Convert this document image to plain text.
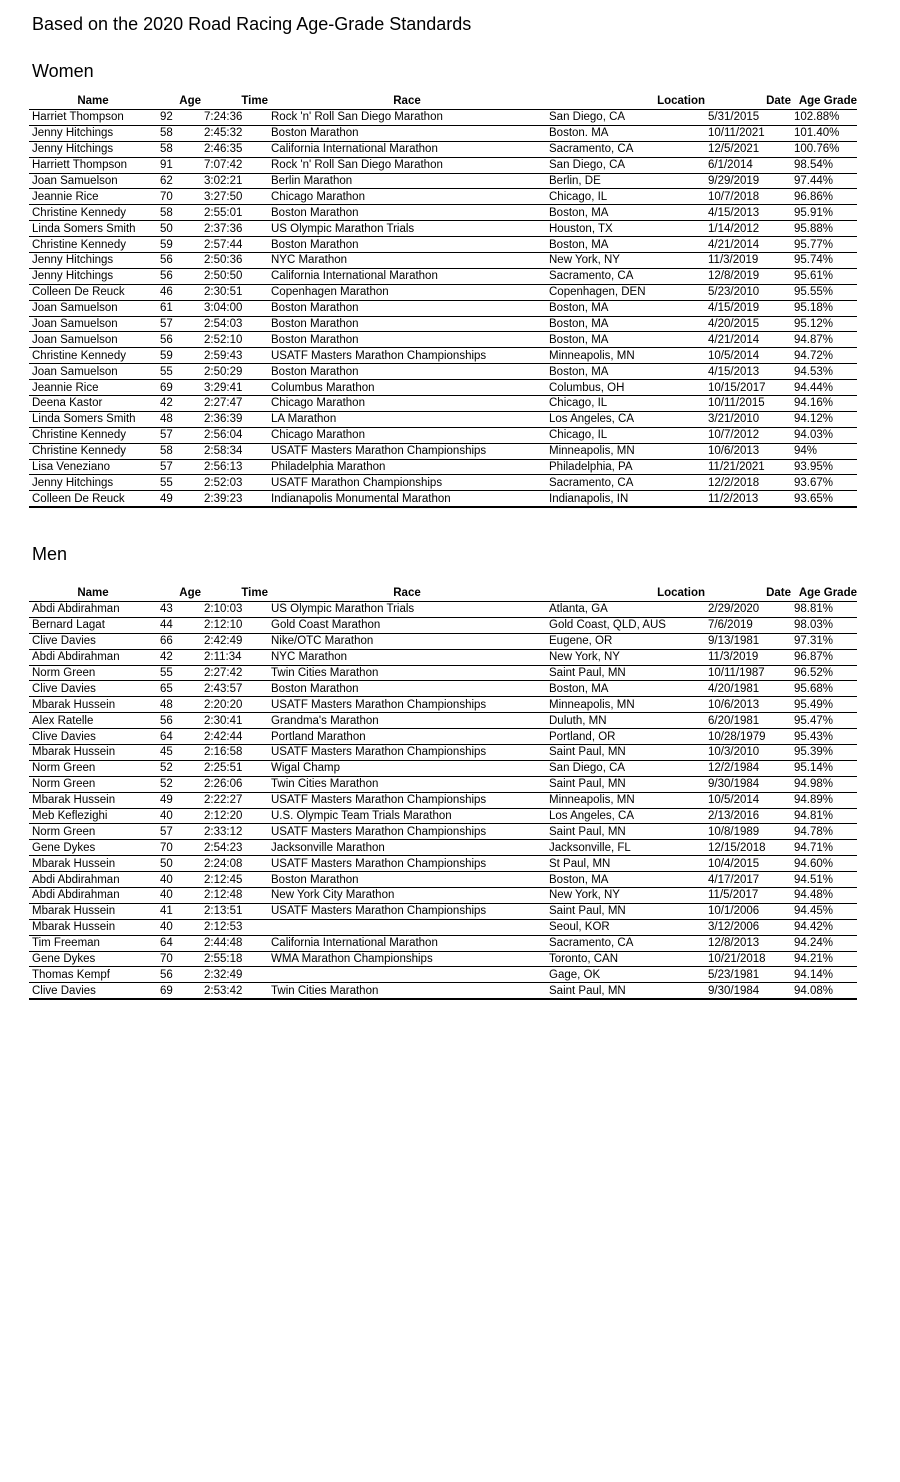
Based on the 2020 Road Racing Age-Grade Standards
Women
Name	Age	Time	Race	Location	Date	Age Grade
Harriet Thompson	92	7:24:36	Rock 'n' Roll San Diego Marathon	San Diego, CA	5/31/2015	102.88%
Jenny Hitchings	58	2:45:32	Boston Marathon	Boston. MA	10/11/2021	101.40%
Jenny Hitchings	58	2:46:35	California International Marathon	Sacramento, CA	12/5/2021	100.76%
Harriett Thompson	91	7:07:42	Rock 'n' Roll San Diego Marathon	San Diego, CA	6/1/2014	98.54%
Joan Samuelson	62	3:02:21	Berlin Marathon	Berlin, DE	9/29/2019	97.44%
Jeannie Rice	70	3:27:50	Chicago Marathon	Chicago, IL	10/7/2018	96.86%
Christine Kennedy	58	2:55:01	Boston Marathon	Boston, MA	4/15/2013	95.91%
Linda Somers Smith	50	2:37:36	US Olympic Marathon Trials	Houston, TX	1/14/2012	95.88%
Christine Kennedy	59	2:57:44	Boston Marathon	Boston, MA	4/21/2014	95.77%
Jenny Hitchings	56	2:50:36	NYC Marathon	New York, NY	11/3/2019	95.74%
Jenny Hitchings	56	2:50:50	California International Marathon	Sacramento, CA	12/8/2019	95.61%
Colleen De Reuck	46	2:30:51	Copenhagen Marathon	Copenhagen, DEN	5/23/2010	95.55%
Joan Samuelson	61	3:04:00	Boston Marathon	Boston, MA	4/15/2019	95.18%
Joan Samuelson	57	2:54:03	Boston Marathon	Boston, MA	4/20/2015	95.12%
Joan Samuelson	56	2:52:10	Boston Marathon	Boston, MA	4/21/2014	94.87%
Christine Kennedy	59	2:59:43	USATF Masters Marathon Championships	Minneapolis, MN	10/5/2014	94.72%
Joan Samuelson	55	2:50:29	Boston Marathon	Boston, MA	4/15/2013	94.53%
Jeannie Rice	69	3:29:41	Columbus Marathon	Columbus, OH	10/15/2017	94.44%
Deena Kastor	42	2:27:47	Chicago Marathon	Chicago, IL	10/11/2015	94.16%
Linda Somers Smith	48	2:36:39	LA Marathon	Los Angeles, CA	3/21/2010	94.12%
Christine Kennedy	57	2:56:04	Chicago Marathon	Chicago, IL	10/7/2012	94.03%
Christine Kennedy	58	2:58:34	USATF Masters Marathon Championships	Minneapolis, MN	10/6/2013	94%
Lisa Veneziano	57	2:56:13	Philadelphia Marathon	Philadelphia, PA	11/21/2021	93.95%
Jenny Hitchings	55	2:52:03	USATF Marathon Championships	Sacramento, CA	12/2/2018	93.67%
Colleen De Reuck	49	2:39:23	Indianapolis Monumental Marathon	Indianapolis, IN	11/2/2013	93.65%
Men
Name	Age	Time	Race	Location	Date	Age Grade
Abdi Abdirahman	43	2:10:03	US Olympic Marathon Trials	Atlanta, GA	2/29/2020	98.81%
Bernard Lagat	44	2:12:10	Gold Coast Marathon	Gold Coast, QLD, AUS	7/6/2019	98.03%
Clive Davies	66	2:42:49	Nike/OTC Marathon	Eugene, OR	9/13/1981	97.31%
Abdi Abdirahman	42	2:11:34	NYC Marathon	New York, NY	11/3/2019	96.87%
Norm Green	55	2:27:42	Twin Cities Marathon	Saint Paul, MN	10/11/1987	96.52%
Clive Davies	65	2:43:57	Boston Marathon	Boston, MA	4/20/1981	95.68%
Mbarak Hussein	48	2:20:20	USATF Masters Marathon Championships	Minneapolis, MN	10/6/2013	95.49%
Alex Ratelle	56	2:30:41	Grandma's Marathon	Duluth, MN	6/20/1981	95.47%
Clive Davies	64	2:42:44	Portland Marathon	Portland, OR	10/28/1979	95.43%
Mbarak Hussein	45	2:16:58	USATF Masters Marathon Championships	Saint Paul, MN	10/3/2010	95.39%
Norm Green	52	2:25:51	Wigal Champ	San Diego, CA	12/2/1984	95.14%
Norm Green	52	2:26:06	Twin Cities Marathon	Saint Paul, MN	9/30/1984	94.98%
Mbarak Hussein	49	2:22:27	USATF Masters Marathon Championships	Minneapolis, MN	10/5/2014	94.89%
Meb Keflezighi	40	2:12:20	U.S. Olympic Team Trials Marathon	Los Angeles, CA	2/13/2016	94.81%
Norm Green	57	2:33:12	USATF Masters Marathon Championships	Saint Paul, MN	10/8/1989	94.78%
Gene Dykes	70	2:54:23	Jacksonville Marathon	Jacksonville, FL	12/15/2018	94.71%
Mbarak Hussein	50	2:24:08	USATF Masters Marathon Championships	St Paul, MN	10/4/2015	94.60%
Abdi Abdirahman	40	2:12:45	Boston Marathon	Boston, MA	4/17/2017	94.51%
Abdi Abdirahman	40	2:12:48	New York City Marathon	New York, NY	11/5/2017	94.48%
Mbarak Hussein	41	2:13:51	USATF Masters Marathon Championships	Saint Paul, MN	10/1/2006	94.45%
Mbarak Hussein	40	2:12:53		Seoul, KOR	3/12/2006	94.42%
Tim Freeman	64	2:44:48	California International Marathon	Sacramento, CA	12/8/2013	94.24%
Gene Dykes	70	2:55:18	WMA Marathon Championships	Toronto, CAN	10/21/2018	94.21%
Thomas Kempf	56	2:32:49		Gage, OK	5/23/1981	94.14%
Clive Davies	69	2:53:42	Twin Cities Marathon	Saint Paul, MN	9/30/1984	94.08%
